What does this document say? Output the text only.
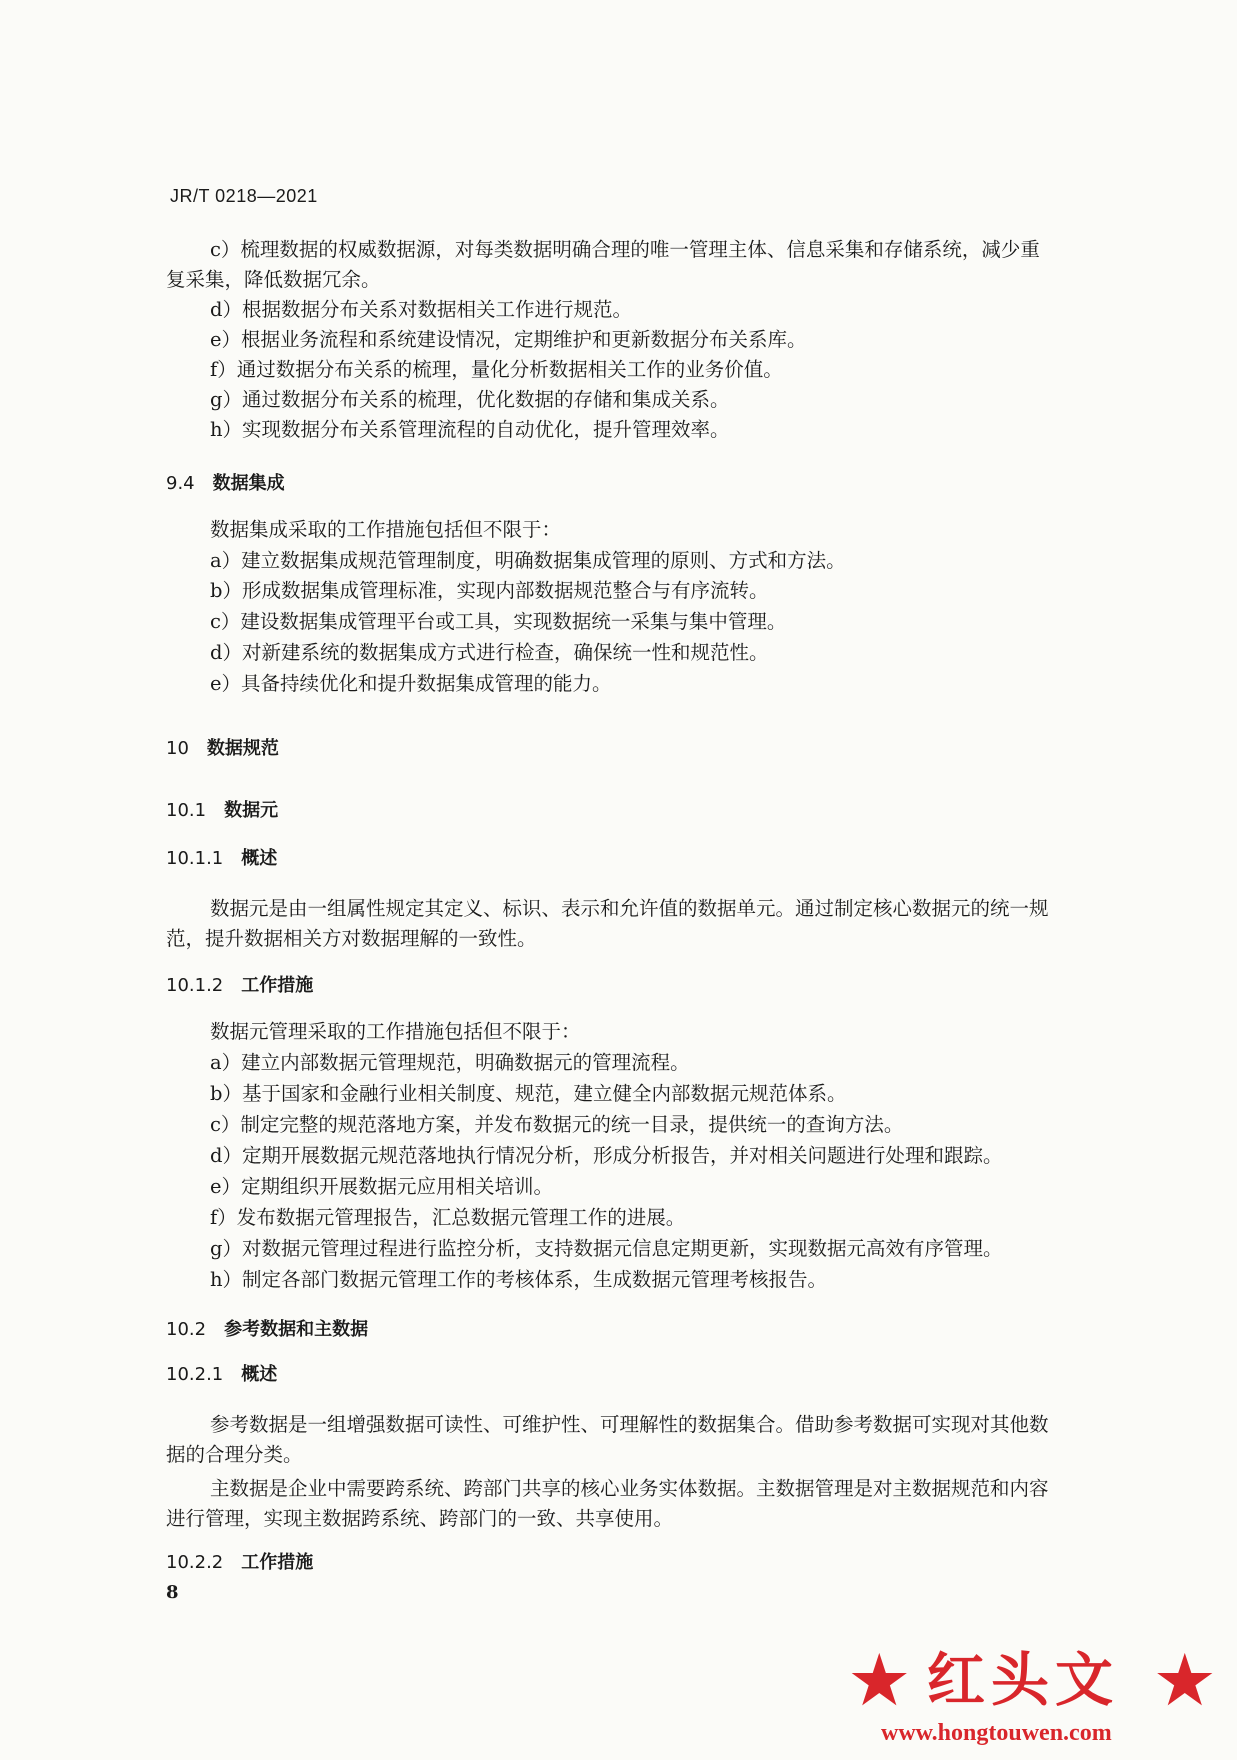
JR/T 0218—2021
c）梳理数据的权威数据源，对每类数据明确合理的唯一管理主体、信息采集和存储系统，减少重
复采集，降低数据冗余。
d）根据数据分布关系对数据相关工作进行规范。
e）根据业务流程和系统建设情况，定期维护和更新数据分布关系库。
f）通过数据分布关系的梳理，量化分析数据相关工作的业务价值。
g）通过数据分布关系的梳理，优化数据的存储和集成关系。
h）实现数据分布关系管理流程的自动优化，提升管理效率。
9.4 数据集成
数据集成采取的工作措施包括但不限于：
a）建立数据集成规范管理制度，明确数据集成管理的原则、方式和方法。
b）形成数据集成管理标准，实现内部数据规范整合与有序流转。
c）建设数据集成管理平台或工具，实现数据统一采集与集中管理。
d）对新建系统的数据集成方式进行检查，确保统一性和规范性。
e）具备持续优化和提升数据集成管理的能力。
10 数据规范
10.1 数据元
10.1.1 概述
数据元是由一组属性规定其定义、标识、表示和允许值的数据单元。通过制定核心数据元的统一规
范，提升数据相关方对数据理解的一致性。
10.1.2 工作措施
数据元管理采取的工作措施包括但不限于：
a）建立内部数据元管理规范，明确数据元的管理流程。
b）基于国家和金融行业相关制度、规范，建立健全内部数据元规范体系。
c）制定完整的规范落地方案，并发布数据元的统一目录，提供统一的查询方法。
d）定期开展数据元规范落地执行情况分析，形成分析报告，并对相关问题进行处理和跟踪。
e）定期组织开展数据元应用相关培训。
f）发布数据元管理报告，汇总数据元管理工作的进展。
g）对数据元管理过程进行监控分析，支持数据元信息定期更新，实现数据元高效有序管理。
h）制定各部门数据元管理工作的考核体系，生成数据元管理考核报告。
10.2 参考数据和主数据
10.2.1 概述
参考数据是一组增强数据可读性、可维护性、可理解性的数据集合。借助参考数据可实现对其他数
据的合理分类。
主数据是企业中需要跨系统、跨部门共享的核心业务实体数据。主数据管理是对主数据规范和内容
进行管理，实现主数据跨系统、跨部门的一致、共享使用。
10.2.2 工作措施
8
★ 红头文 ★
www.hongtouwen.com
